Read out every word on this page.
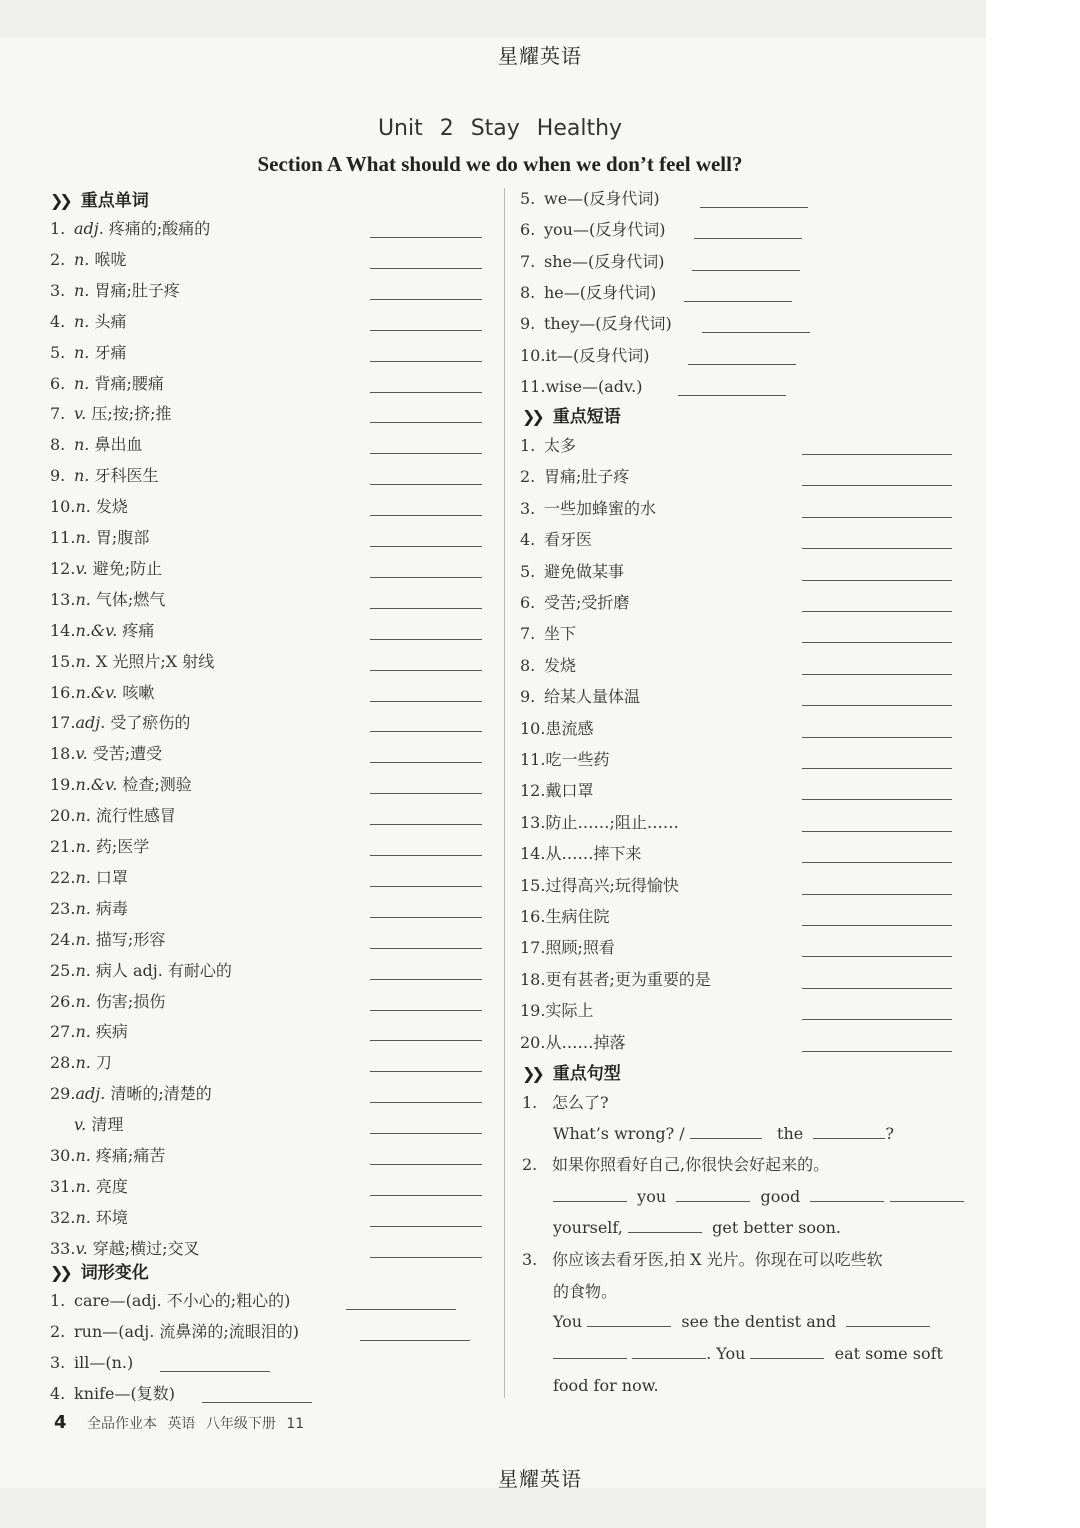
星耀英语
星耀英语
Unit 2 Stay Healthy
Section A What should we do when we don’t feel well?
❯❯ 重点单词
❯❯ 词形变化
❯❯ 重点短语
❯❯ 重点句型
1. 怎么了?
What’s wrong? /	the	?
2. 如果你照看好自己,你很快会好起来的。
you	good
yourself,	get better soon.
3. 你应该去看牙医,拍 X 光片。你现在可以吃些软
的食物。
You	see the dentist and
. You	eat some soft
food for now.
4 全品作业本 英语 八年级下册 11
1. adj. 疼痛的;酸痛的
2. n. 喉咙
3. n. 胃痛;肚子疼
4. n. 头痛
5. n. 牙痛
6. n. 背痛;腰痛
7. v. 压;按;挤;推
8. n. 鼻出血
9. n. 牙科医生
10.n. 发烧
11.n. 胃;腹部
12.v. 避免;防止
13.n. 气体;燃气
14.n.&v. 疼痛
15.n. X 光照片;X 射线
16.n.&v. 咳嗽
17.adj. 受了瘀伤的
18.v. 受苦;遭受
19.n.&v. 检查;测验
20.n. 流行性感冒
21.n. 药;医学
22.n. 口罩
23.n. 病毒
24.n. 描写;形容
25.n. 病人 adj. 有耐心的
26.n. 伤害;损伤
27.n. 疾病
28.n. 刀
29.adj. 清晰的;清楚的
v. 清理
30.n. 疼痛;痛苦
31.n. 亮度
32.n. 环境
33.v. 穿越;横过;交叉
1. care—(adj. 不小心的;粗心的)
2. run—(adj. 流鼻涕的;流眼泪的)
3. ill—(n.)
4. knife—(复数)
5. we—(反身代词)
6. you—(反身代词)
7. she—(反身代词)
8. he—(反身代词)
9. they—(反身代词)
10.it—(反身代词)
11.wise—(adv.)
1. 太多
2. 胃痛;肚子疼
3. 一些加蜂蜜的水
4. 看牙医
5. 避免做某事
6. 受苦;受折磨
7. 坐下
8. 发烧
9. 给某人量体温
10.患流感
11.吃一些药
12.戴口罩
13.防止……;阻止……
14.从……摔下来
15.过得高兴;玩得愉快
16.生病住院
17.照顾;照看
18.更有甚者;更为重要的是
19.实际上
20.从……掉落
